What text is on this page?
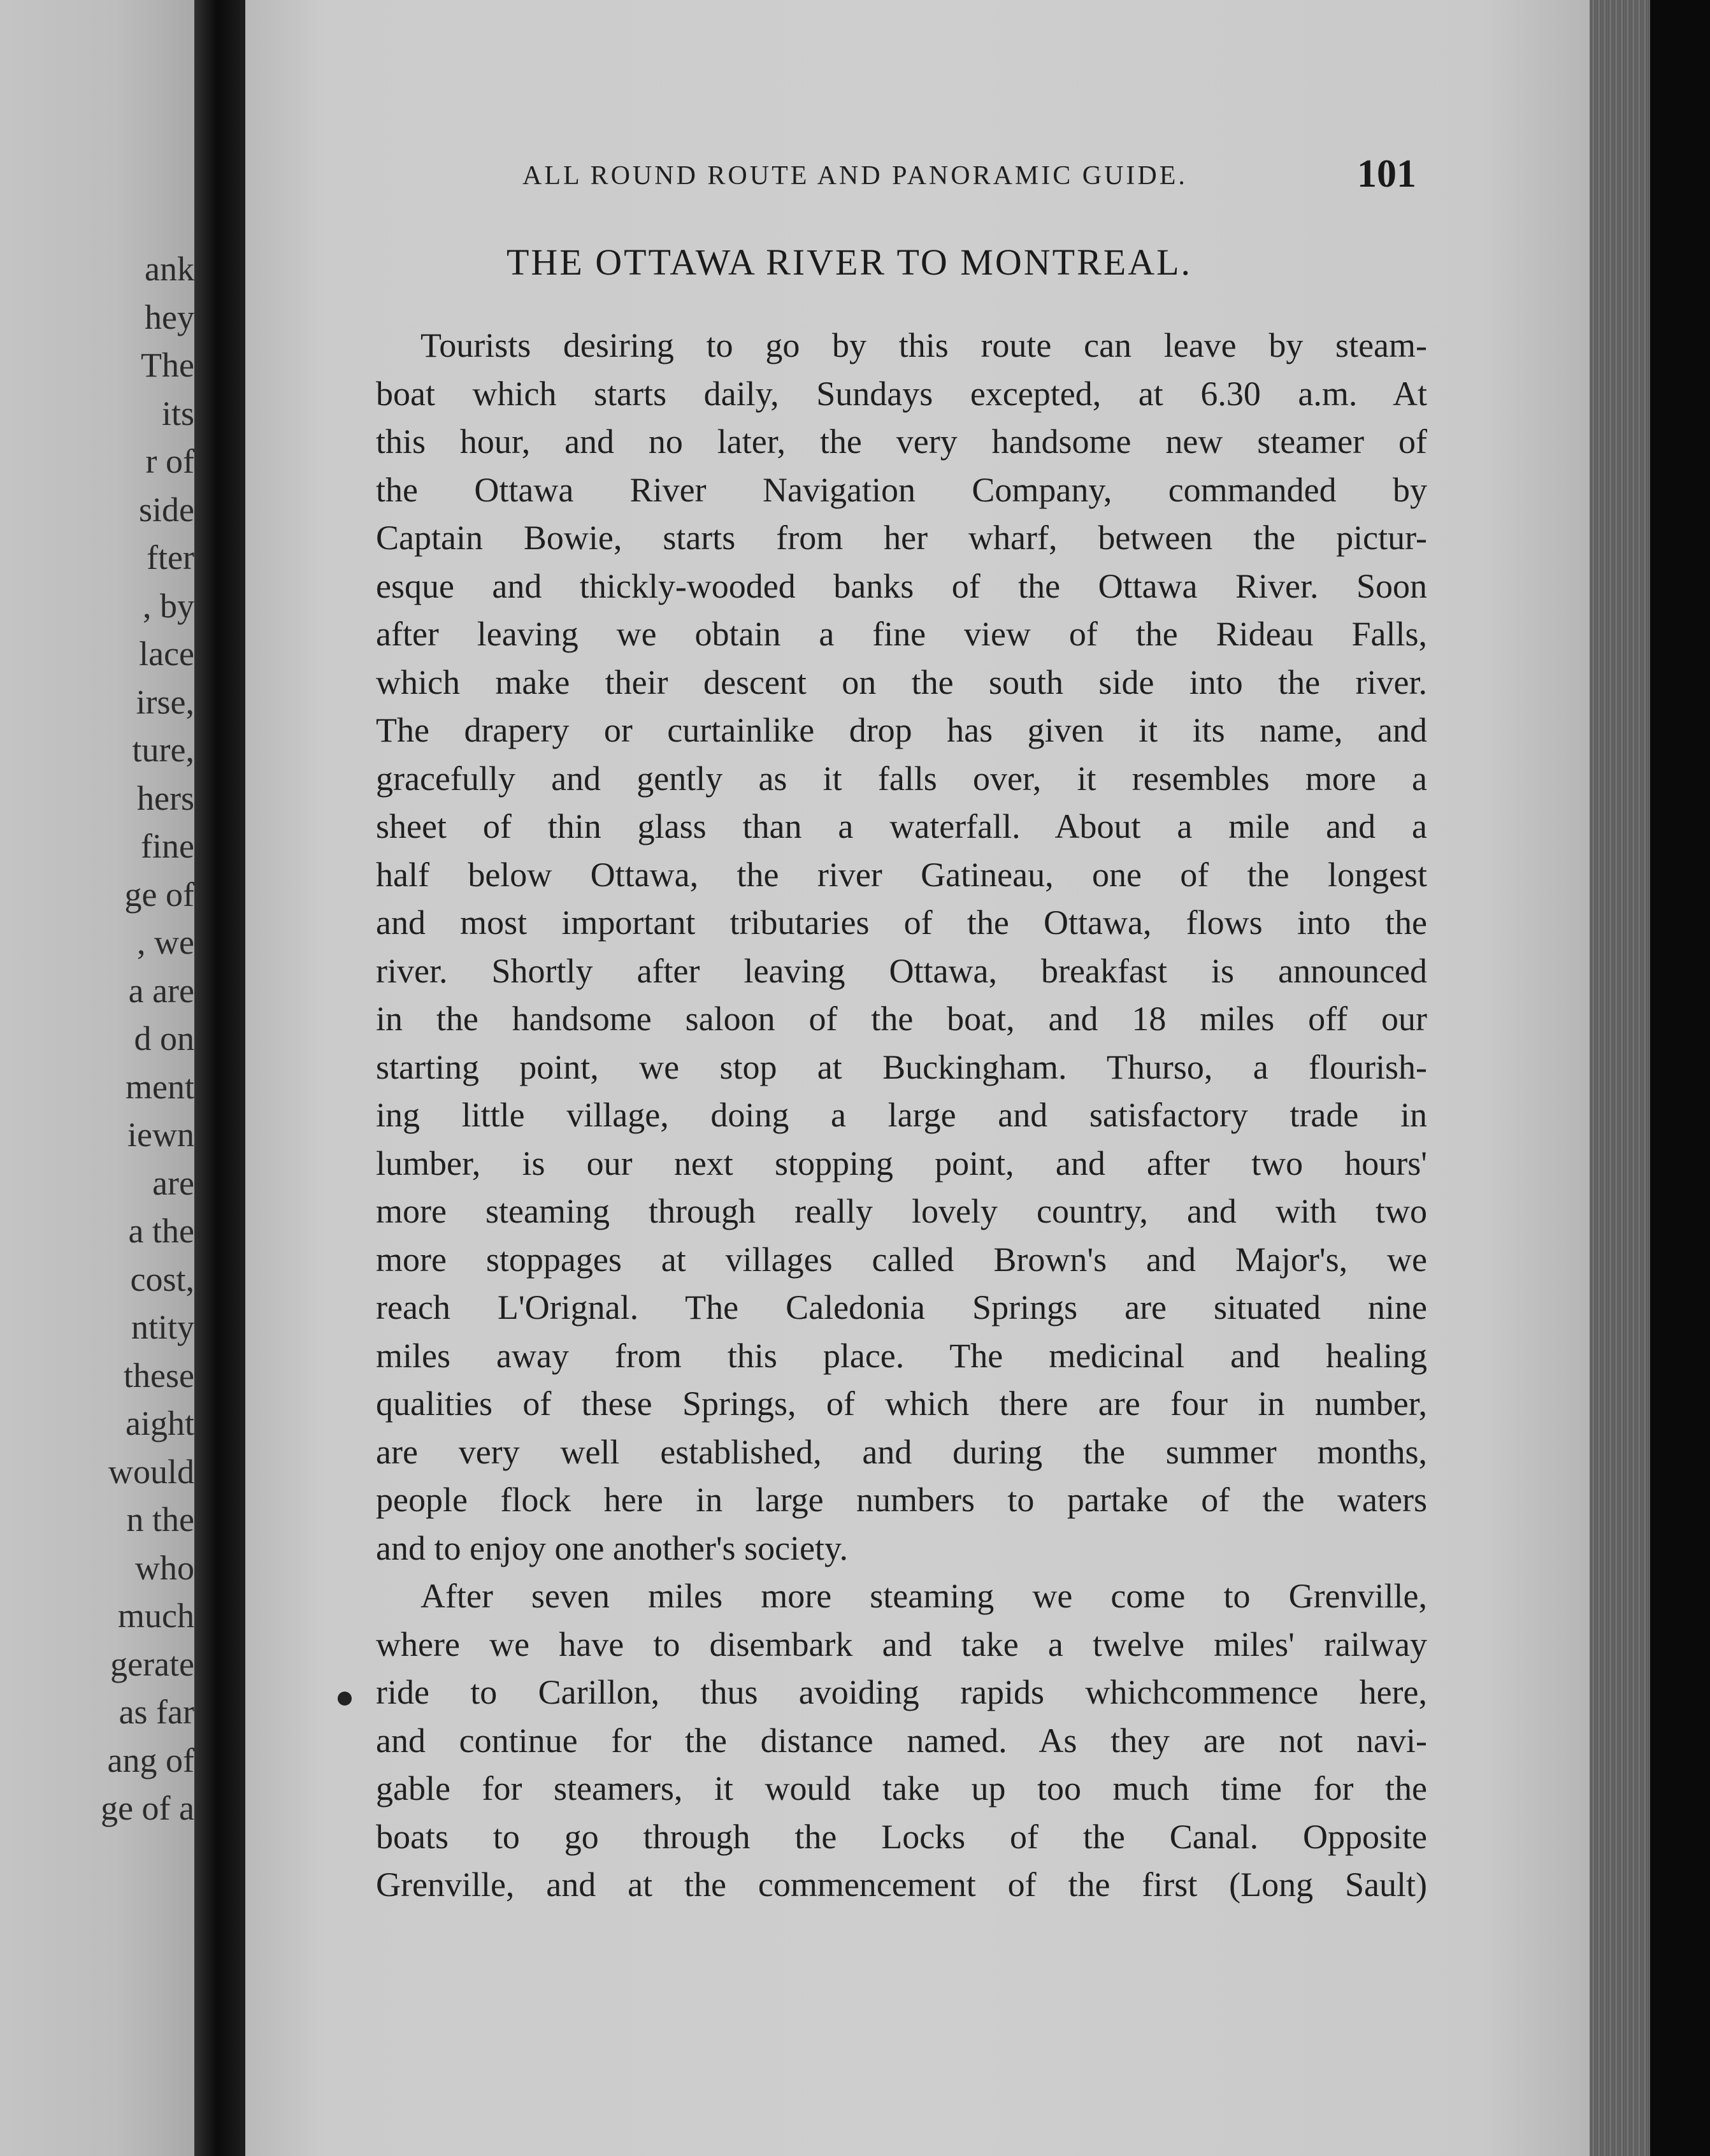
ank
hey
The
its
r of
side
fter
, by
lace
irse,
ture,
hers
fine
ge of
, we
a are
d on
ment
iewn
are
a the
cost,
ntity
these
aight
would
n the
who
much
gerate
as far
ang of
ge of a
ALL ROUND ROUTE AND PANORAMIC GUIDE.	101
THE OTTAWA RIVER TO MONTREAL.
Tourists desiring to go by this route can leave by steam-
boat which starts daily, Sundays excepted, at 6.30 a.m. At
this hour, and no later, the very handsome new steamer of
the Ottawa River Navigation Company, commanded by
Captain Bowie, starts from her wharf, between the pictur-
esque and thickly-wooded banks of the Ottawa River. Soon
after leaving we obtain a fine view of the Rideau Falls,
which make their descent on the south side into the river.
The drapery or curtainlike drop has given it its name, and
gracefully and gently as it falls over, it resembles more a
sheet of thin glass than a waterfall. About a mile and a
half below Ottawa, the river Gatineau, one of the longest
and most important tributaries of the Ottawa, flows into the
river. Shortly after leaving Ottawa, breakfast is announced
in the handsome saloon of the boat, and 18 miles off our
starting point, we stop at Buckingham. Thurso, a flourish-
ing little village, doing a large and satisfactory trade in
lumber, is our next stopping point, and after two hours'
more steaming through really lovely country, and with two
more stoppages at villages called Brown's and Major's, we
reach L'Orignal. The Caledonia Springs are situated nine
miles away from this place. The medicinal and healing
qualities of these Springs, of which there are four in number,
are very well established, and during the summer months,
people flock here in large numbers to partake of the waters
and to enjoy one another's society.
After seven miles more steaming we come to Grenville,
where we have to disembark and take a twelve miles' railway
ride to Carillon, thus avoiding rapids whichcommence here,
and continue for the distance named. As they are not navi-
gable for steamers, it would take up too much time for the
boats to go through the Locks of the Canal. Opposite
Grenville, and at the commencement of the first (Long Sault)
